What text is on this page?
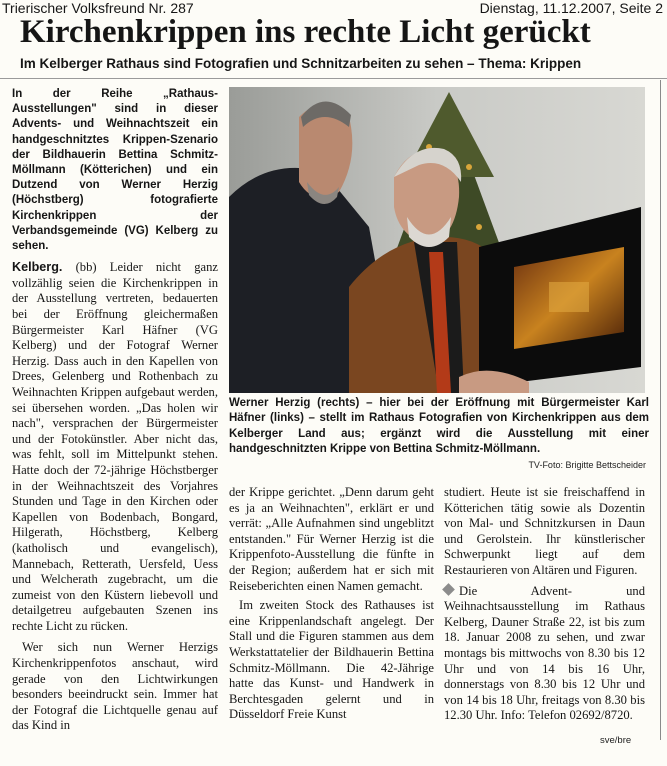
Trierischer Volksfreund Nr. 287	Dienstag, 11.12.2007, Seite 2
Kirchenkrippen ins rechte Licht gerückt
Im Kelberger Rathaus sind Fotografien und Schnitzarbeiten zu sehen – Thema: Krippen

In der Reihe „Rathaus-Ausstellungen" sind in dieser Advents- und Weihnachtszeit ein handgeschnitztes Krippen-Szenario der Bildhauerin Bettina Schmitz-Möllmann (Kötterichen) und ein Dutzend von Werner Herzig (Höchstberg) fotografierte Kirchenkrippen der Verbandsgemeinde (VG) Kelberg zu sehen.

Kelberg. (bb) Leider nicht ganz vollzählig seien die Kirchenkrippen in der Ausstellung vertreten, bedauerten bei der Eröffnung gleichermaßen Bürgermeister Karl Häfner (VG Kelberg) und der Fotograf Werner Herzig. Dass auch in den Kapellen von Drees, Gelenberg und Rothenbach zu Weihnachten Krippen aufgebaut werden, sei übersehen worden. „Das holen wir nach", versprachen der Bürgermeister und der Fotokünstler. Aber nicht das, was fehlt, soll im Mittelpunkt stehen. Hatte doch der 72-jährige Höchstberger in der Weihnachtszeit des Vorjahres Stunden und Tage in den Kirchen oder Kapellen von Bodenbach, Bongard, Hilgerath, Höchstberg, Kelberg (katholisch und evangelisch), Mannebach, Retterath, Uersfeld, Uess und Welcherath zugebracht, um die zumeist von den Küstern liebevoll und detailgetreu aufgebauten Szenen ins rechte Licht zu rücken.

Wer sich nun Werner Herzigs Kirchenkrippenfotos anschaut, wird gerade von den Lichtwirkungen besonders beeindruckt sein. Immer hat der Fotograf die Lichtquelle genau auf das Kind in

Werner Herzig (rechts) – hier bei der Eröffnung mit Bürgermeister Karl Häfner (links) – stellt im Rathaus Fotografien von Kirchenkrippen aus dem Kelberger Land aus; ergänzt wird die Ausstellung mit einer handgeschnitzten Krippe von Bettina Schmitz-Möllmann.
TV-Foto: Brigitte Bettscheider

der Krippe gerichtet. „Denn darum geht es ja an Weihnachten", erklärt er und verrät: „Alle Aufnahmen sind ungeblitzt entstanden." Für Werner Herzig ist die Krippenfoto-Ausstellung die fünfte in der Region; außerdem hat er sich mit Reiseberichten einen Namen gemacht.

Im zweiten Stock des Rathauses ist eine Krippenlandschaft angelegt. Der Stall und die Figuren stammen aus dem Werkstattatelier der Bildhauerin Bettina Schmitz-Möllmann. Die 42-Jährige hatte das Kunst- und Handwerk in Berchtesgaden gelernt und in Düsseldorf Freie Kunst

studiert. Heute ist sie freischaffend in Kötterichen tätig sowie als Dozentin von Mal- und Schnitzkursen in Daun und Gerolstein. Ihr künstlerischer Schwerpunkt liegt auf dem Restaurieren von Altären und Figuren.

Die Advent- und Weihnachtsausstellung im Rathaus Kelberg, Dauner Straße 22, ist bis zum 18. Januar 2008 zu sehen, und zwar montags bis mittwochs von 8.30 bis 12 Uhr und von 14 bis 16 Uhr, donnerstags von 8.30 bis 12 Uhr und von 14 bis 18 Uhr, freitags von 8.30 bis 12.30 Uhr. Info: Telefon 02692/8720.

sve/bre
